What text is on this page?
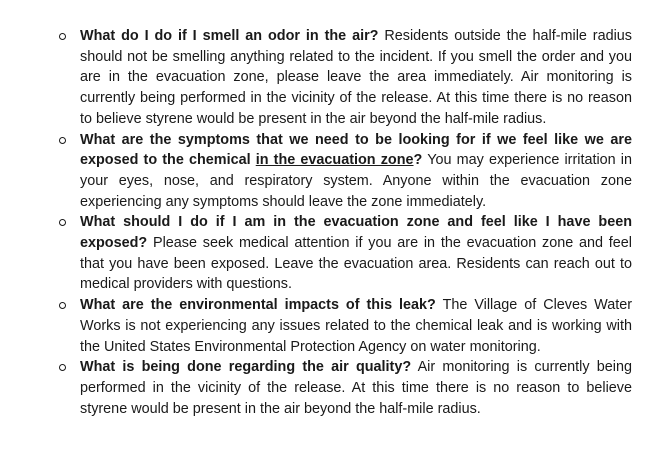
What do I do if I smell an odor in the air? Residents outside the half-mile radius should not be smelling anything related to the incident. If you smell the order and you are in the evacuation zone, please leave the area immediately. Air monitoring is currently being performed in the vicinity of the release. At this time there is no reason to believe styrene would be present in the air beyond the half-mile radius.
What are the symptoms that we need to be looking for if we feel like we are exposed to the chemical in the evacuation zone? You may experience irritation in your eyes, nose, and respiratory system. Anyone within the evacuation zone experiencing any symptoms should leave the zone immediately.
What should I do if I am in the evacuation zone and feel like I have been exposed? Please seek medical attention if you are in the evacuation zone and feel that you have been exposed. Leave the evacuation area. Residents can reach out to medical providers with questions.
What are the environmental impacts of this leak? The Village of Cleves Water Works is not experiencing any issues related to the chemical leak and is working with the United States Environmental Protection Agency on water monitoring.
What is being done regarding the air quality? Air monitoring is currently being performed in the vicinity of the release. At this time there is no reason to believe styrene would be present in the air beyond the half-mile radius.
